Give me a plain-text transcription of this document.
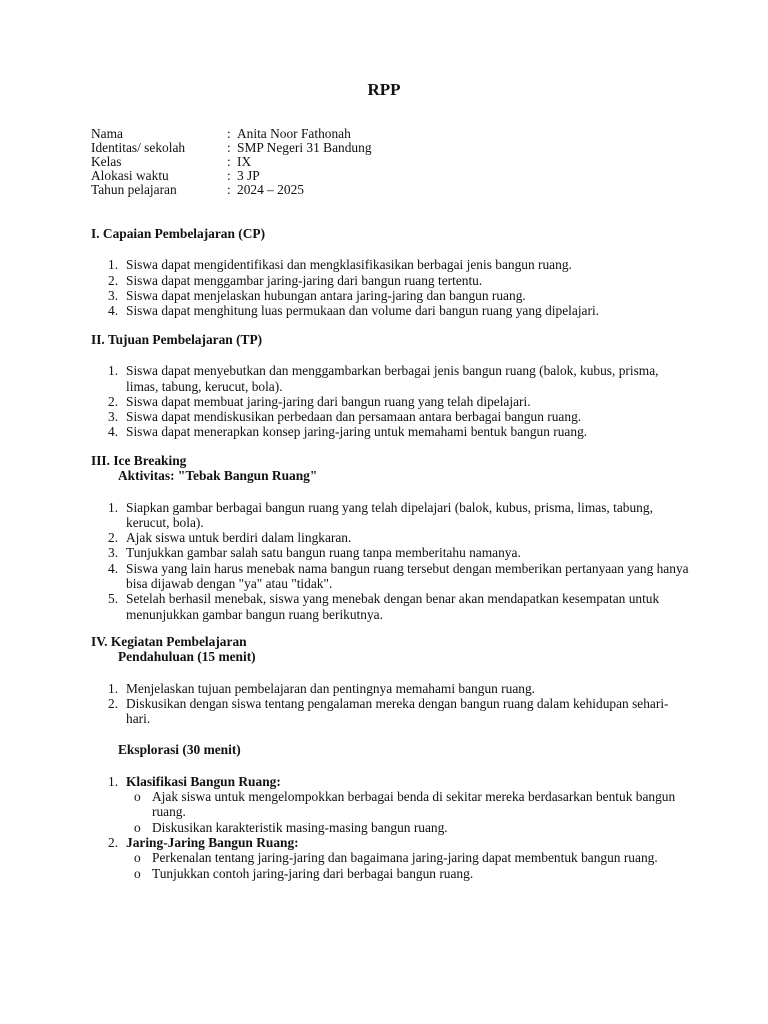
RPP
Nama	: Anita Noor Fathonah
Identitas/ sekolah	: SMP Negeri 31 Bandung
Kelas	: IX
Alokasi waktu	: 3 JP
Tahun pelajaran	: 2024 – 2025
I. Capaian Pembelajaran (CP)
1. Siswa dapat mengidentifikasi dan mengklasifikasikan berbagai jenis bangun ruang.
2. Siswa dapat menggambar jaring-jaring dari bangun ruang tertentu.
3. Siswa dapat menjelaskan hubungan antara jaring-jaring dan bangun ruang.
4. Siswa dapat menghitung luas permukaan dan volume dari bangun ruang yang dipelajari.
II. Tujuan Pembelajaran (TP)
1. Siswa dapat menyebutkan dan menggambarkan berbagai jenis bangun ruang (balok, kubus, prisma, limas, tabung, kerucut, bola).
2. Siswa dapat membuat jaring-jaring dari bangun ruang yang telah dipelajari.
3. Siswa dapat mendiskusikan perbedaan dan persamaan antara berbagai bangun ruang.
4. Siswa dapat menerapkan konsep jaring-jaring untuk memahami bentuk bangun ruang.
III. Ice Breaking
Aktivitas: "Tebak Bangun Ruang"
1. Siapkan gambar berbagai bangun ruang yang telah dipelajari (balok, kubus, prisma, limas, tabung, kerucut, bola).
2. Ajak siswa untuk berdiri dalam lingkaran.
3. Tunjukkan gambar salah satu bangun ruang tanpa memberitahu namanya.
4. Siswa yang lain harus menebak nama bangun ruang tersebut dengan memberikan pertanyaan yang hanya bisa dijawab dengan "ya" atau "tidak".
5. Setelah berhasil menebak, siswa yang menebak dengan benar akan mendapatkan kesempatan untuk menunjukkan gambar bangun ruang berikutnya.
IV. Kegiatan Pembelajaran
Pendahuluan (15 menit)
1. Menjelaskan tujuan pembelajaran dan pentingnya memahami bangun ruang.
2. Diskusikan dengan siswa tentang pengalaman mereka dengan bangun ruang dalam kehidupan sehari-hari.
Eksplorasi (30 menit)
1. Klasifikasi Bangun Ruang:
o Ajak siswa untuk mengelompokkan berbagai benda di sekitar mereka berdasarkan bentuk bangun ruang.
o Diskusikan karakteristik masing-masing bangun ruang.
2. Jaring-Jaring Bangun Ruang:
o Perkenalan tentang jaring-jaring dan bagaimana jaring-jaring dapat membentuk bangun ruang.
o Tunjukkan contoh jaring-jaring dari berbagai bangun ruang.
